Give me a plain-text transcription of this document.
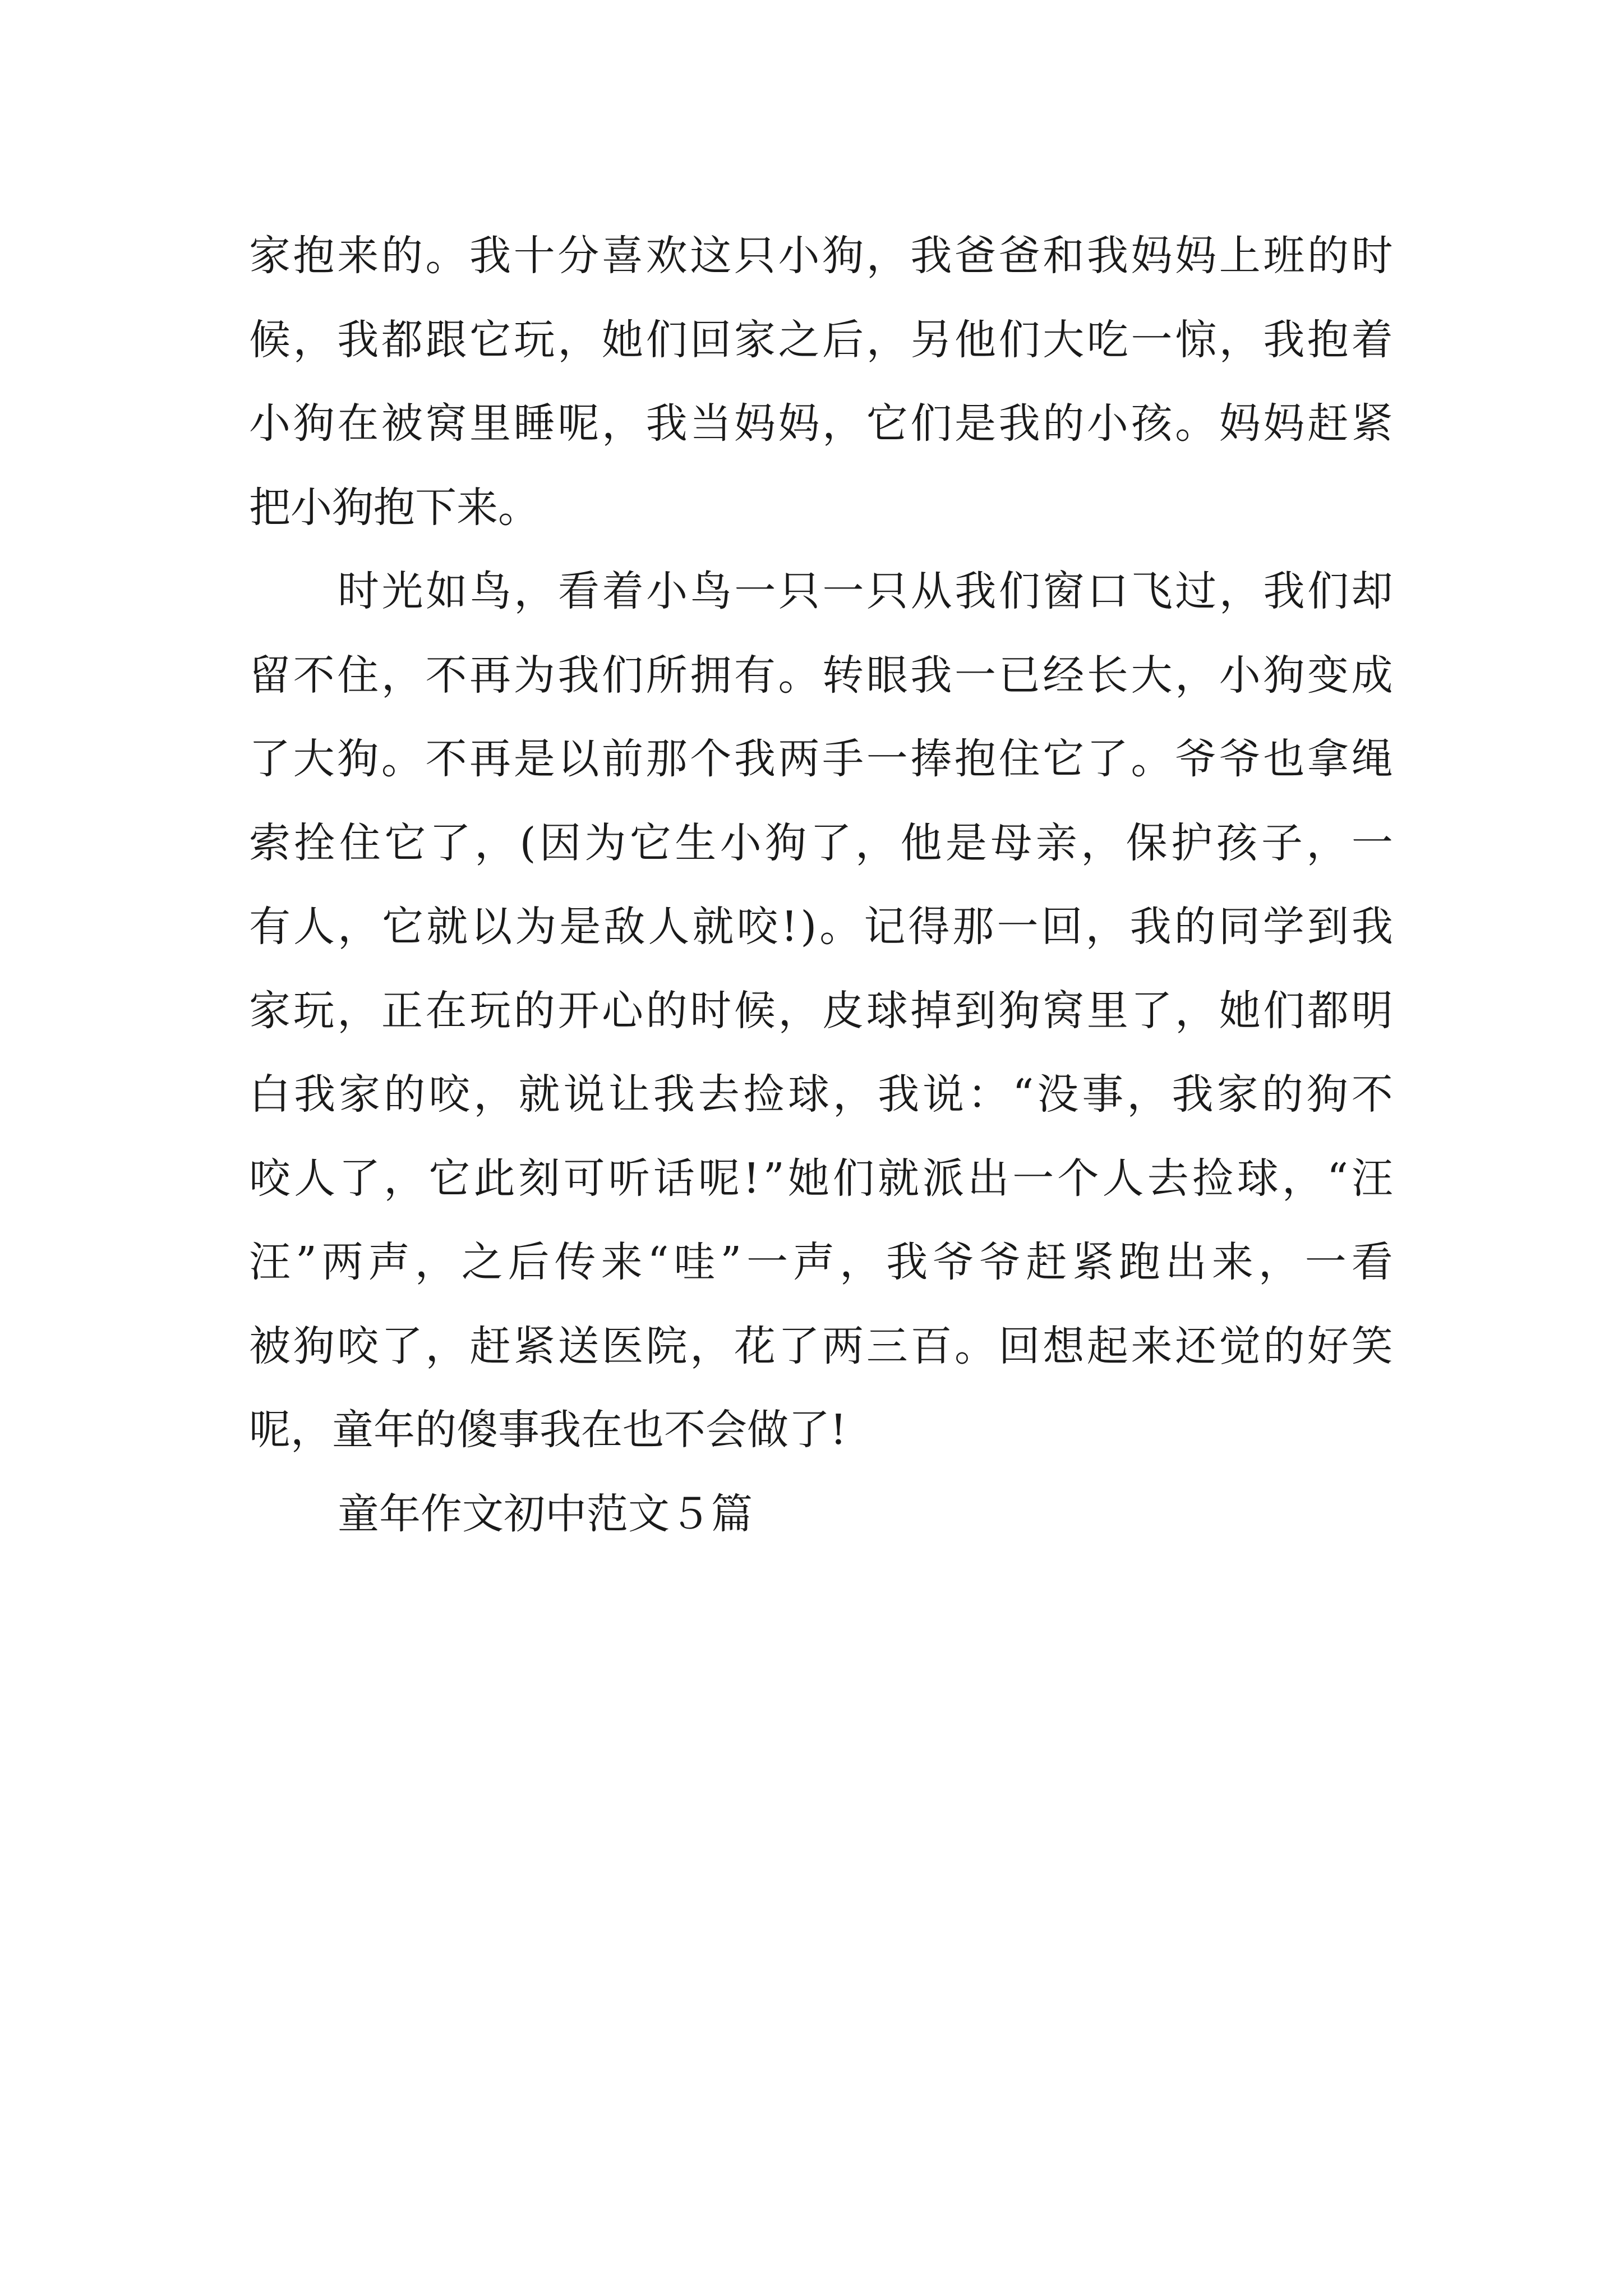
家 抱 来 的 。 我 十 分 喜 欢 这 只 小 狗 ， 我 爸 爸 和 我 妈 妈 上 班 的 时
候 ， 我 都 跟 它 玩 ， 她 们 回 家 之 后 ， 另 他 们 大 吃 一 惊 ， 我 抱 着
小 狗 在 被 窝 里 睡 呢 ， 我 当 妈 妈 ， 它 们 是 我 的 小 孩 。 妈 妈 赶 紧
把小狗抱下来。
时 光 如 鸟 ， 看 着 小 鸟 一 只 一 只 从 我 们 窗 口 飞 过 ， 我 们 却
留 不 住 ， 不 再 为 我 们 所 拥 有 。 转 眼 我 一 已 经 长 大 ， 小 狗 变 成
了 大 狗 。 不 再 是 以 前 那 个 我 两 手 一 捧 抱 住 它 了 。 爷 爷 也 拿 绳
索 拴 住 它 了 ， ( 因 为 它 生 小 狗 了 ， 他 是 母 亲 ， 保 护 孩 子 ， 一
有 人 ， 它 就 以 为 是 敌 人 就 咬 ! ) 。 记 得 那 一 回 ， 我 的 同 学 到 我
家 玩 ， 正 在 玩 的 开 心 的 时 候 ， 皮 球 掉 到 狗 窝 里 了 ， 她 们 都 明
白 我 家 的 咬 ， 就 说 让 我 去 捡 球 ， 我 说 ： “ 没 事 ， 我 家 的 狗 不
咬 人 了 ， 它 此 刻 可 听 话 呢 ! ” 她 们 就 派 出 一 个 人 去 捡 球 ， “ 汪
汪 ” 两 声 ， 之 后 传 来 “ 哇 ” 一 声 ， 我 爷 爷 赶 紧 跑 出 来 ， 一 看
被 狗 咬 了 ， 赶 紧 送 医 院 ， 花 了 两 三 百 。 回 想 起 来 还 觉 的 好 笑
呢，童年的傻事我在也不会做了!
童年作文初中范文５篇
